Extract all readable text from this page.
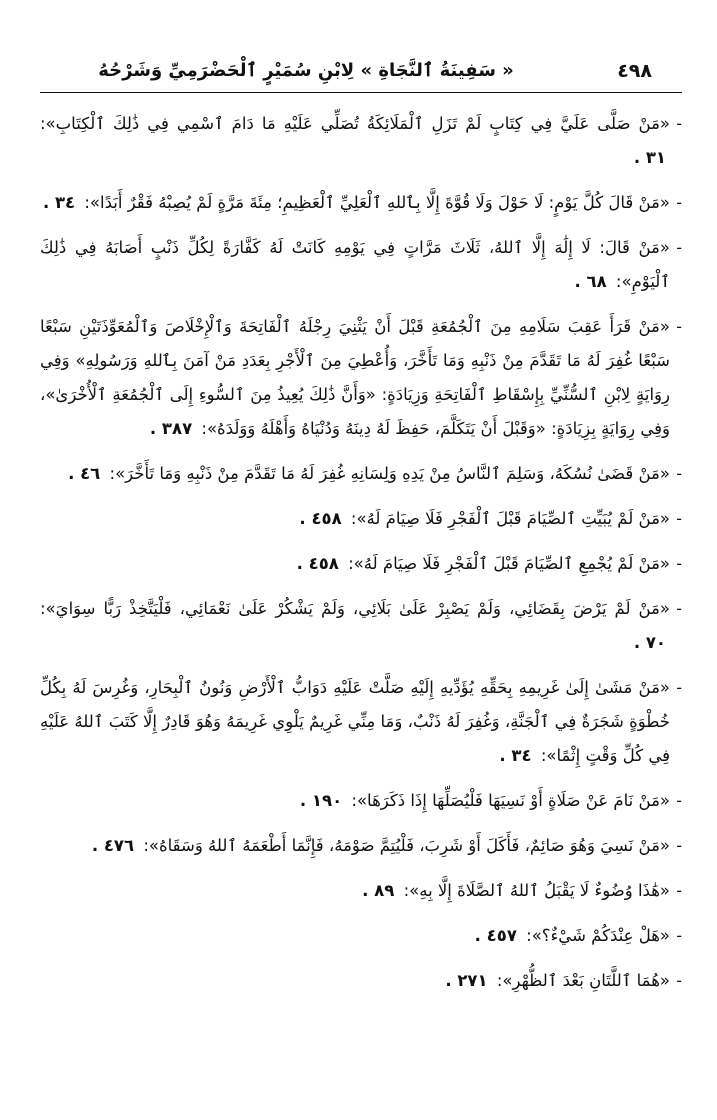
٤٩٨
« سَفِينَةُ ٱلنَّجَاةِ » لِابْنِ سُمَيْرٍ ٱلْحَضْرَمِيِّ وَشَرْحُهُ
-
«مَنْ صَلَّى عَلَيَّ فِي كِتَابٍ لَمْ تَزَلِ ٱلْمَلَائِكَةُ تُصَلِّي عَلَيْهِ مَا دَامَ ٱسْمِي فِي ذَٰلِكَ ٱلْكِتَابِ»: ٣١ .
-
«مَنْ قَالَ كُلَّ يَوْمٍ: لَا حَوْلَ وَلَا قُوَّةَ إِلَّا بِٱللهِ ٱلْعَلِيِّ ٱلْعَظِيمِ؛ مِئَةَ مَرَّةٍ لَمْ يُصِبْهُ فَقْرٌ أَبَدًا»: ٣٤ .
-
«مَنْ قَالَ: لَا إِلَٰهَ إِلَّا ٱللهُ، ثَلَاثَ مَرَّاتٍ فِي يَوْمِهِ كَانَتْ لَهُ كَفَّارَةً لِكُلِّ ذَنْبٍ أَصَابَهُ فِي ذَٰلِكَ ٱلْيَوْمِ»: ٦٨ .
-
«مَنْ قَرَأَ عَقِبَ سَلَامِهِ مِنَ ٱلْجُمُعَةِ قَبْلَ أَنْ يَثْنِيَ رِجْلَهُ ٱلْفَاتِحَةَ وَٱلْإِخْلَاصَ وَٱلْمُعَوِّذَتَيْنِ سَبْعًا سَبْعًا غُفِرَ لَهُ مَا تَقَدَّمَ مِنْ ذَنْبِهِ وَمَا تَأَخَّرَ، وَأُعْطِيَ مِنَ ٱلْأَجْرِ بِعَدَدِ مَنْ آمَنَ بِٱللهِ وَرَسُولِهِ» وَفِي رِوَايَةٍ لِابْنِ ٱلسُّنِّيِّ بِإِسْقَاطِ ٱلْفَاتِحَةِ وَزِيَادَةٍ: «وَأَنَّ ذَٰلِكَ يُعِيذُ مِنَ ٱلسُّوءِ إِلَى ٱلْجُمُعَةِ ٱلْأُخْرَىٰ»، وَفِي رِوَايَةٍ بِزِيَادَةٍ: «وَقَبْلَ أَنْ يَتَكَلَّمَ، حَفِظَ لَهُ دِينَهُ وَدُنْيَاهُ وَأَهْلَهُ وَوَلَدَهُ»: ٣٨٧ .
-
«مَنْ قَضَىٰ نُسُكَهُ، وَسَلِمَ ٱلنَّاسُ مِنْ يَدِهِ وَلِسَانِهِ غُفِرَ لَهُ مَا تَقَدَّمَ مِنْ ذَنْبِهِ وَمَا تَأَخَّرَ»: ٤٦ .
-
«مَنْ لَمْ يُبَيِّتِ ٱلصِّيَامَ قَبْلَ ٱلْفَجْرِ فَلَا صِيَامَ لَهُ»: ٤٥٨ .
-
«مَنْ لَمْ يُجْمِعِ ٱلصِّيَامَ قَبْلَ ٱلْفَجْرِ فَلَا صِيَامَ لَهُ»: ٤٥٨ .
-
«مَنْ لَمْ يَرْضَ بِقَضَائِي، وَلَمْ يَصْبِرْ عَلَىٰ بَلَائِي، وَلَمْ يَشْكُرْ عَلَىٰ نَعْمَائِي، فَلْيَتَّخِذْ رَبًّا سِوَايَ»: ٧٠ .
-
«مَنْ مَشَىٰ إِلَىٰ غَرِيمِهِ بِحَقِّهِ يُؤَدِّيهِ إِلَيْهِ صَلَّتْ عَلَيْهِ دَوَابُّ ٱلْأَرْضِ وَنُونُ ٱلْبِحَارِ، وَغُرِسَ لَهُ بِكُلِّ خُطْوَةٍ شَجَرَةٌ فِي ٱلْجَنَّةِ، وَغُفِرَ لَهُ ذَنْبٌ، وَمَا مِنِّي غَرِيمٌ يَلْوِي غَرِيمَهُ وَهُوَ قَادِرٌ إِلَّا كَتَبَ ٱللهُ عَلَيْهِ فِي كُلِّ وَقْتٍ إِثْمًا»: ٣٤ .
-
«مَنْ نَامَ عَنْ صَلَاةٍ أَوْ نَسِيَهَا فَلْيُصَلِّهَا إِذَا ذَكَرَهَا»: ١٩٠ .
-
«مَنْ نَسِيَ وَهُوَ صَائِمٌ، فَأَكَلَ أَوْ شَرِبَ، فَلْيُتِمَّ صَوْمَهُ، فَإِنَّمَا أَطْعَمَهُ ٱللهُ وَسَقَاهُ»: ٤٧٦ .
-
«هَٰذَا وُضُوءٌ لَا يَقْبَلُ ٱللهُ ٱلصَّلَاةَ إِلَّا بِهِ»: ٨٩ .
-
«هَلْ عِنْدَكُمْ شَيْءٌ؟»: ٤٥٧ .
-
«هُمَا ٱللَّتَانِ بَعْدَ ٱلظُّهْرِ»: ٢٧١ .
